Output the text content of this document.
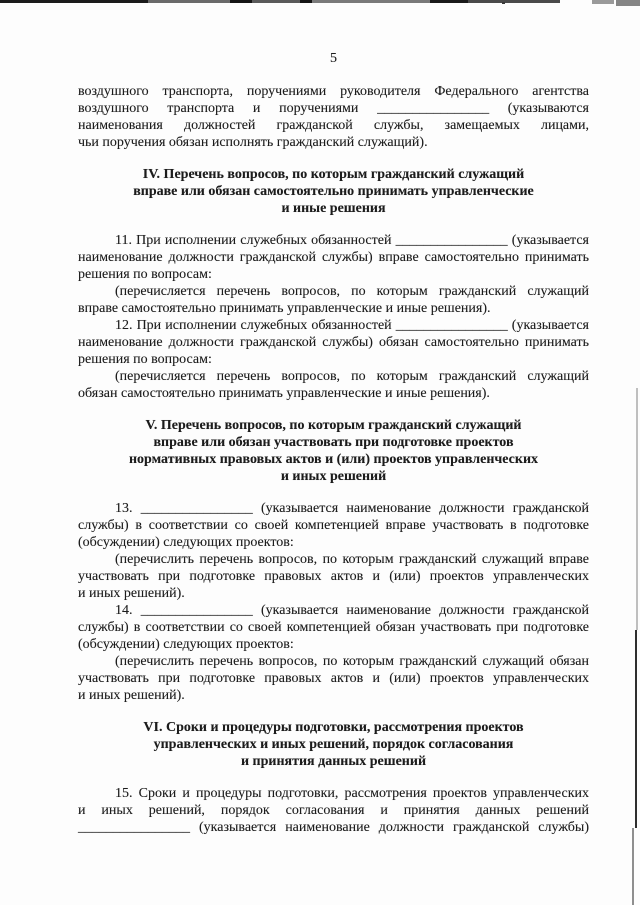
5
воздушного транспорта, поручениями руководителя Федерального агентства
воздушного транспорта и поручениями ________________ (указываются
наименования должностей гражданской службы, замещаемых лицами,
чьи поручения обязан исполнять гражданский служащий).
IV. Перечень вопросов, по которым гражданский служащий
вправе или обязан самостоятельно принимать управленческие
и иные решения
11. При исполнении служебных обязанностей ________________ (указывается
наименование должности гражданской службы) вправе самостоятельно принимать
решения по вопросам:
(перечисляется перечень вопросов, по которым гражданский служащий
вправе самостоятельно принимать управленческие и иные решения).
12. При исполнении служебных обязанностей ________________ (указывается
наименование должности гражданской службы) обязан самостоятельно принимать
решения по вопросам:
(перечисляется перечень вопросов, по которым гражданский служащий
обязан самостоятельно принимать управленческие и иные решения).
V. Перечень вопросов, по которым гражданский служащий
вправе или обязан участвовать при подготовке проектов
нормативных правовых актов и (или) проектов управленческих
и иных решений
13. ________________ (указывается наименование должности гражданской
службы) в соответствии со своей компетенцией вправе участвовать в подготовке
(обсуждении) следующих проектов:
(перечислить перечень вопросов, по которым гражданский служащий вправе
участвовать при подготовке правовых актов и (или) проектов управленческих
и иных решений).
14. ________________ (указывается наименование должности гражданской
службы) в соответствии со своей компетенцией обязан участвовать при подготовке
(обсуждении) следующих проектов:
(перечислить перечень вопросов, по которым гражданский служащий обязан
участвовать при подготовке правовых актов и (или) проектов управленческих
и иных решений).
VI. Сроки и процедуры подготовки, рассмотрения проектов
управленческих и иных решений, порядок согласования
и принятия данных решений
15. Сроки и процедуры подготовки, рассмотрения проектов управленческих
и иных решений, порядок согласования и принятия данных решений
________________ (указывается наименование должности гражданской службы)
